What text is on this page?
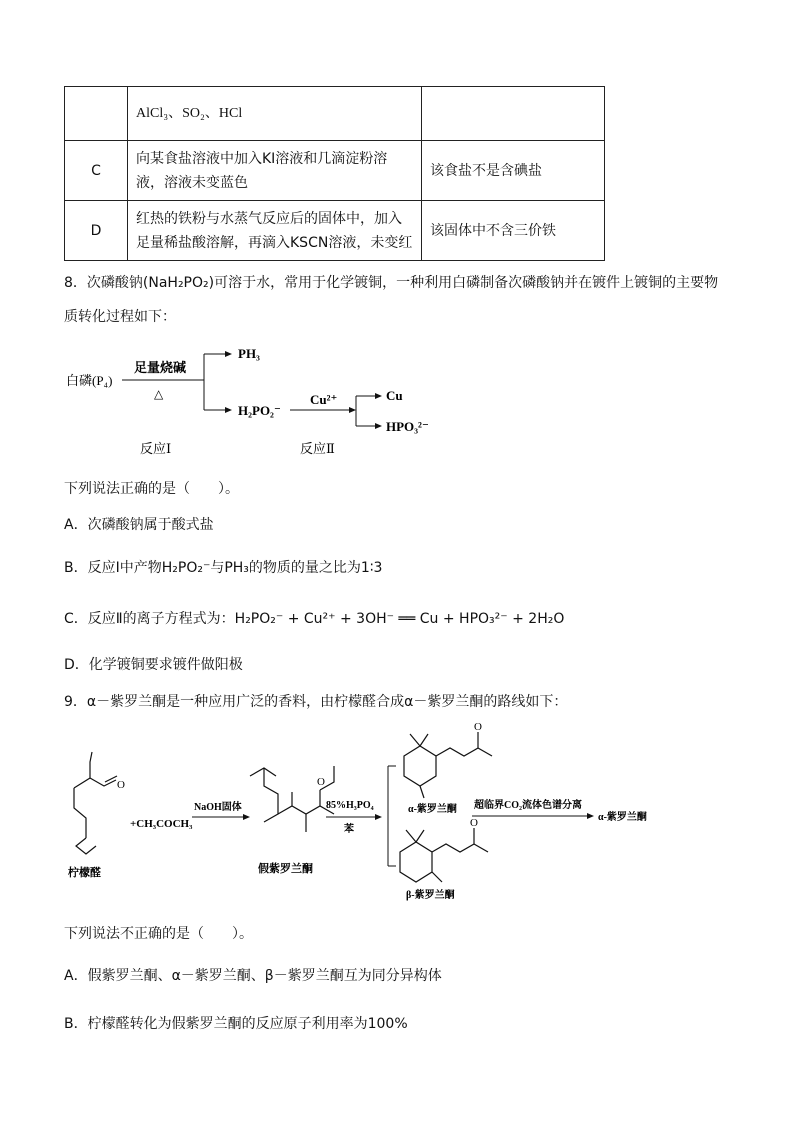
	AlCl₃、SO₂、HCl	
C	向某食盐溶液中加入KI溶液和几滴淀粉溶液，溶液未变蓝色	该食盐不是含碘盐
D	红热的铁粉与水蒸气反应后的固体中，加入足量稀盐酸溶解，再滴入KSCN溶液，未变红	该固体中不含三价铁
8．次磷酸钠(NaH₂PO₂)可溶于水，常用于化学镀铜，一种利用白磷制备次磷酸钠并在镀件上镀铜的主要物
质转化过程如下：
白磷(P₄)
足量烧碱
△
PH₃
H₂PO₂⁻
Cu²⁺	Cu
HPO₃²⁻
反应Ⅰ	反应Ⅱ
下列说法正确的是（　　）。
A．次磷酸钠属于酸式盐
B．反应Ⅰ中产物H₂PO₂⁻与PH₃的物质的量之比为1∶3
C．反应Ⅱ的离子方程式为：H₂PO₂⁻ + Cu²⁺ + 3OH⁻ ══ Cu + HPO₃²⁻ + 2H₂O
D．化学镀铜要求镀件做阳极
9．α－紫罗兰酮是一种应用广泛的香料，由柠檬醛合成α－紫罗兰酮的路线如下：
O
柠檬醛
+CH₃COCH₃
NaOH固体
O
假紫罗兰酮
85%H₃PO₄
苯
O
α-紫罗兰酮
O
β-紫罗兰酮
超临界CO₂流体色谱分离
α-紫罗兰酮
下列说法不正确的是（　　）。
A．假紫罗兰酮、α－紫罗兰酮、β－紫罗兰酮互为同分异构体
B．柠檬醛转化为假紫罗兰酮的反应原子利用率为100%
